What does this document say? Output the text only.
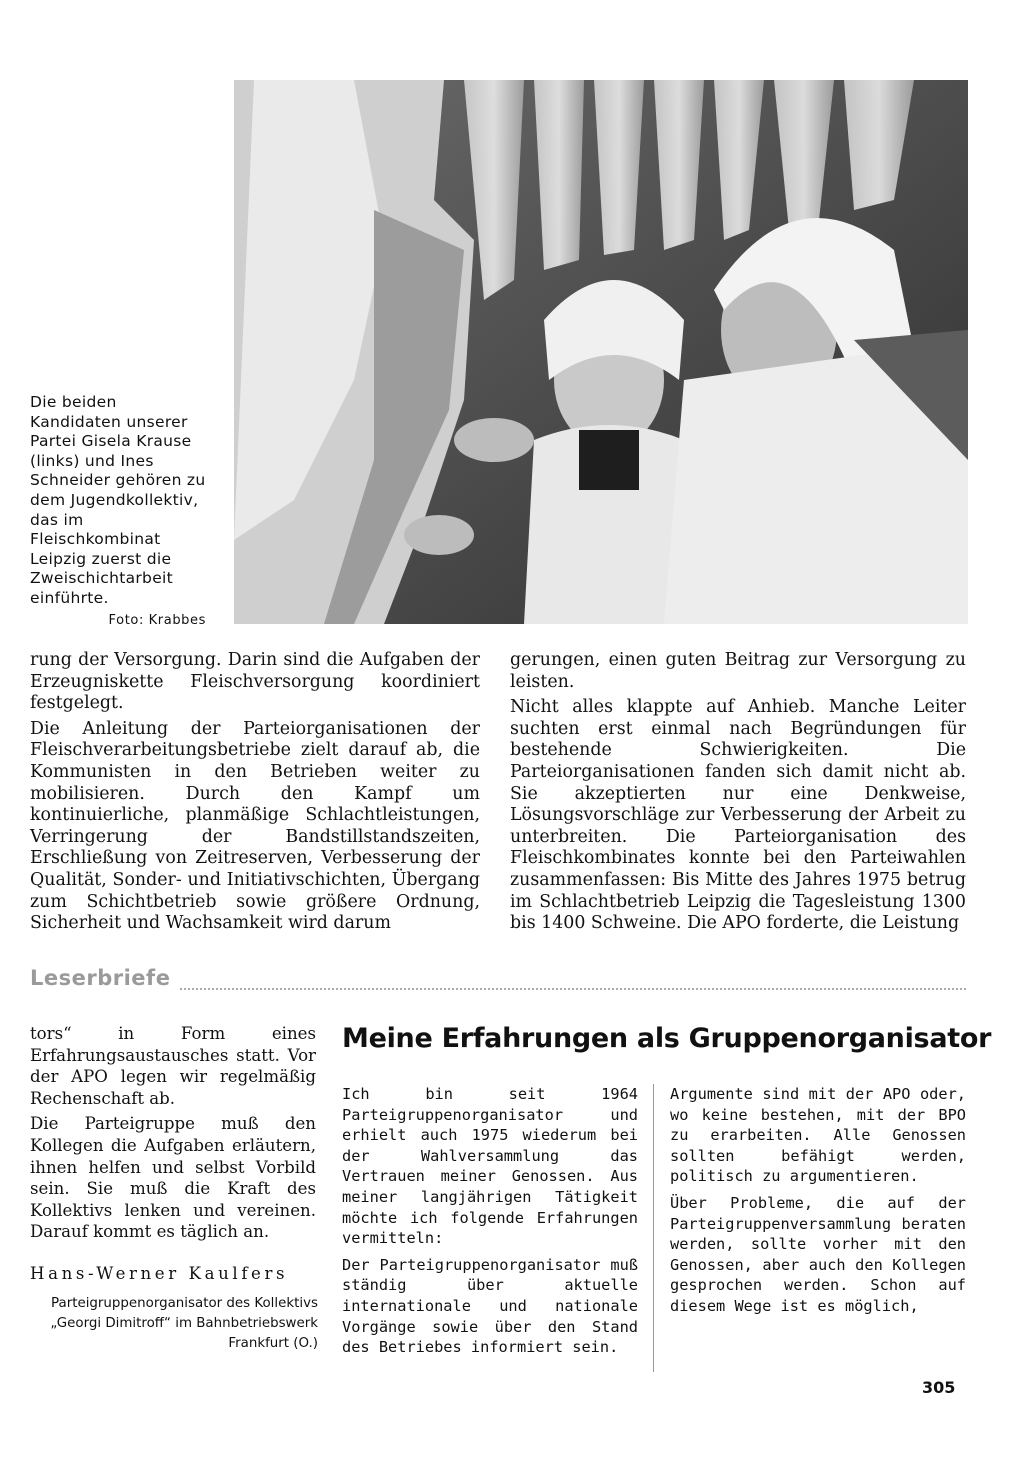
Die beiden Kandidaten unserer Partei Gisela Krause (links) und Ines Schneider gehören zu dem Jugendkollektiv, das im Fleischkombinat Leipzig zuerst die Zweischichtarbeit einführte.
Foto: Krabbes

rung der Versorgung. Darin sind die Aufgaben der Erzeugniskette Fleischversorgung koordiniert festgelegt.

Die Anleitung der Parteiorganisationen der Fleischverarbeitungsbetriebe zielt darauf ab, die Kommunisten in den Betrieben weiter zu mobilisieren. Durch den Kampf um kontinuierliche, planmäßige Schlachtleistungen, Verringerung der Bandstillstandszeiten, Erschließung von Zeitreserven, Verbesserung der Qualität, Sonder- und Initiativschichten, Übergang zum Schichtbetrieb sowie größere Ordnung, Sicherheit und Wachsamkeit wird darum

gerungen, einen guten Beitrag zur Versorgung zu leisten.

Nicht alles klappte auf Anhieb. Manche Leiter suchten erst einmal nach Begründungen für bestehende Schwierigkeiten. Die Parteiorganisationen fanden sich damit nicht ab. Sie akzeptierten nur eine Denkweise, Lösungsvorschläge zur Verbesserung der Arbeit zu unterbreiten. Die Parteiorganisation des Fleischkombinates konnte bei den Parteiwahlen zusammenfassen: Bis Mitte des Jahres 1975 betrug im Schlachtbetrieb Leipzig die Tagesleistung 1300 bis 1400 Schweine. Die APO forderte, die Leistung

Leserbriefe

tors“ in Form eines Erfahrungsaustausches statt. Vor der APO legen wir regelmäßig Rechenschaft ab.

Die Parteigruppe muß den Kollegen die Aufgaben erläutern, ihnen helfen und selbst Vorbild sein. Sie muß die Kraft des Kollektivs lenken und vereinen. Darauf kommt es täglich an.

Hans-Werner Kaulfers
Parteigruppenorganisator des Kollektivs „Georgi Dimitroff“ im Bahnbetriebswerk Frankfurt (O.)
Meine Erfahrungen als Gruppenorganisator

Ich bin seit 1964 Parteigruppenorganisator und erhielt auch 1975 wiederum bei der Wahlversammlung das Vertrauen meiner Genossen. Aus meiner langjährigen Tätigkeit möchte ich folgende Erfahrungen vermitteln:

Der Parteigruppenorganisator muß ständig über aktuelle internationale und nationale Vorgänge sowie über den Stand des Betriebes informiert sein.

Argumente sind mit der APO oder, wo keine bestehen, mit der BPO zu erarbeiten. Alle Genossen sollten befähigt werden, politisch zu argumentieren.

Über Probleme, die auf der Parteigruppenversammlung beraten werden, sollte vorher mit den Genossen, aber auch den Kollegen gesprochen werden. Schon auf diesem Wege ist es möglich,

305
